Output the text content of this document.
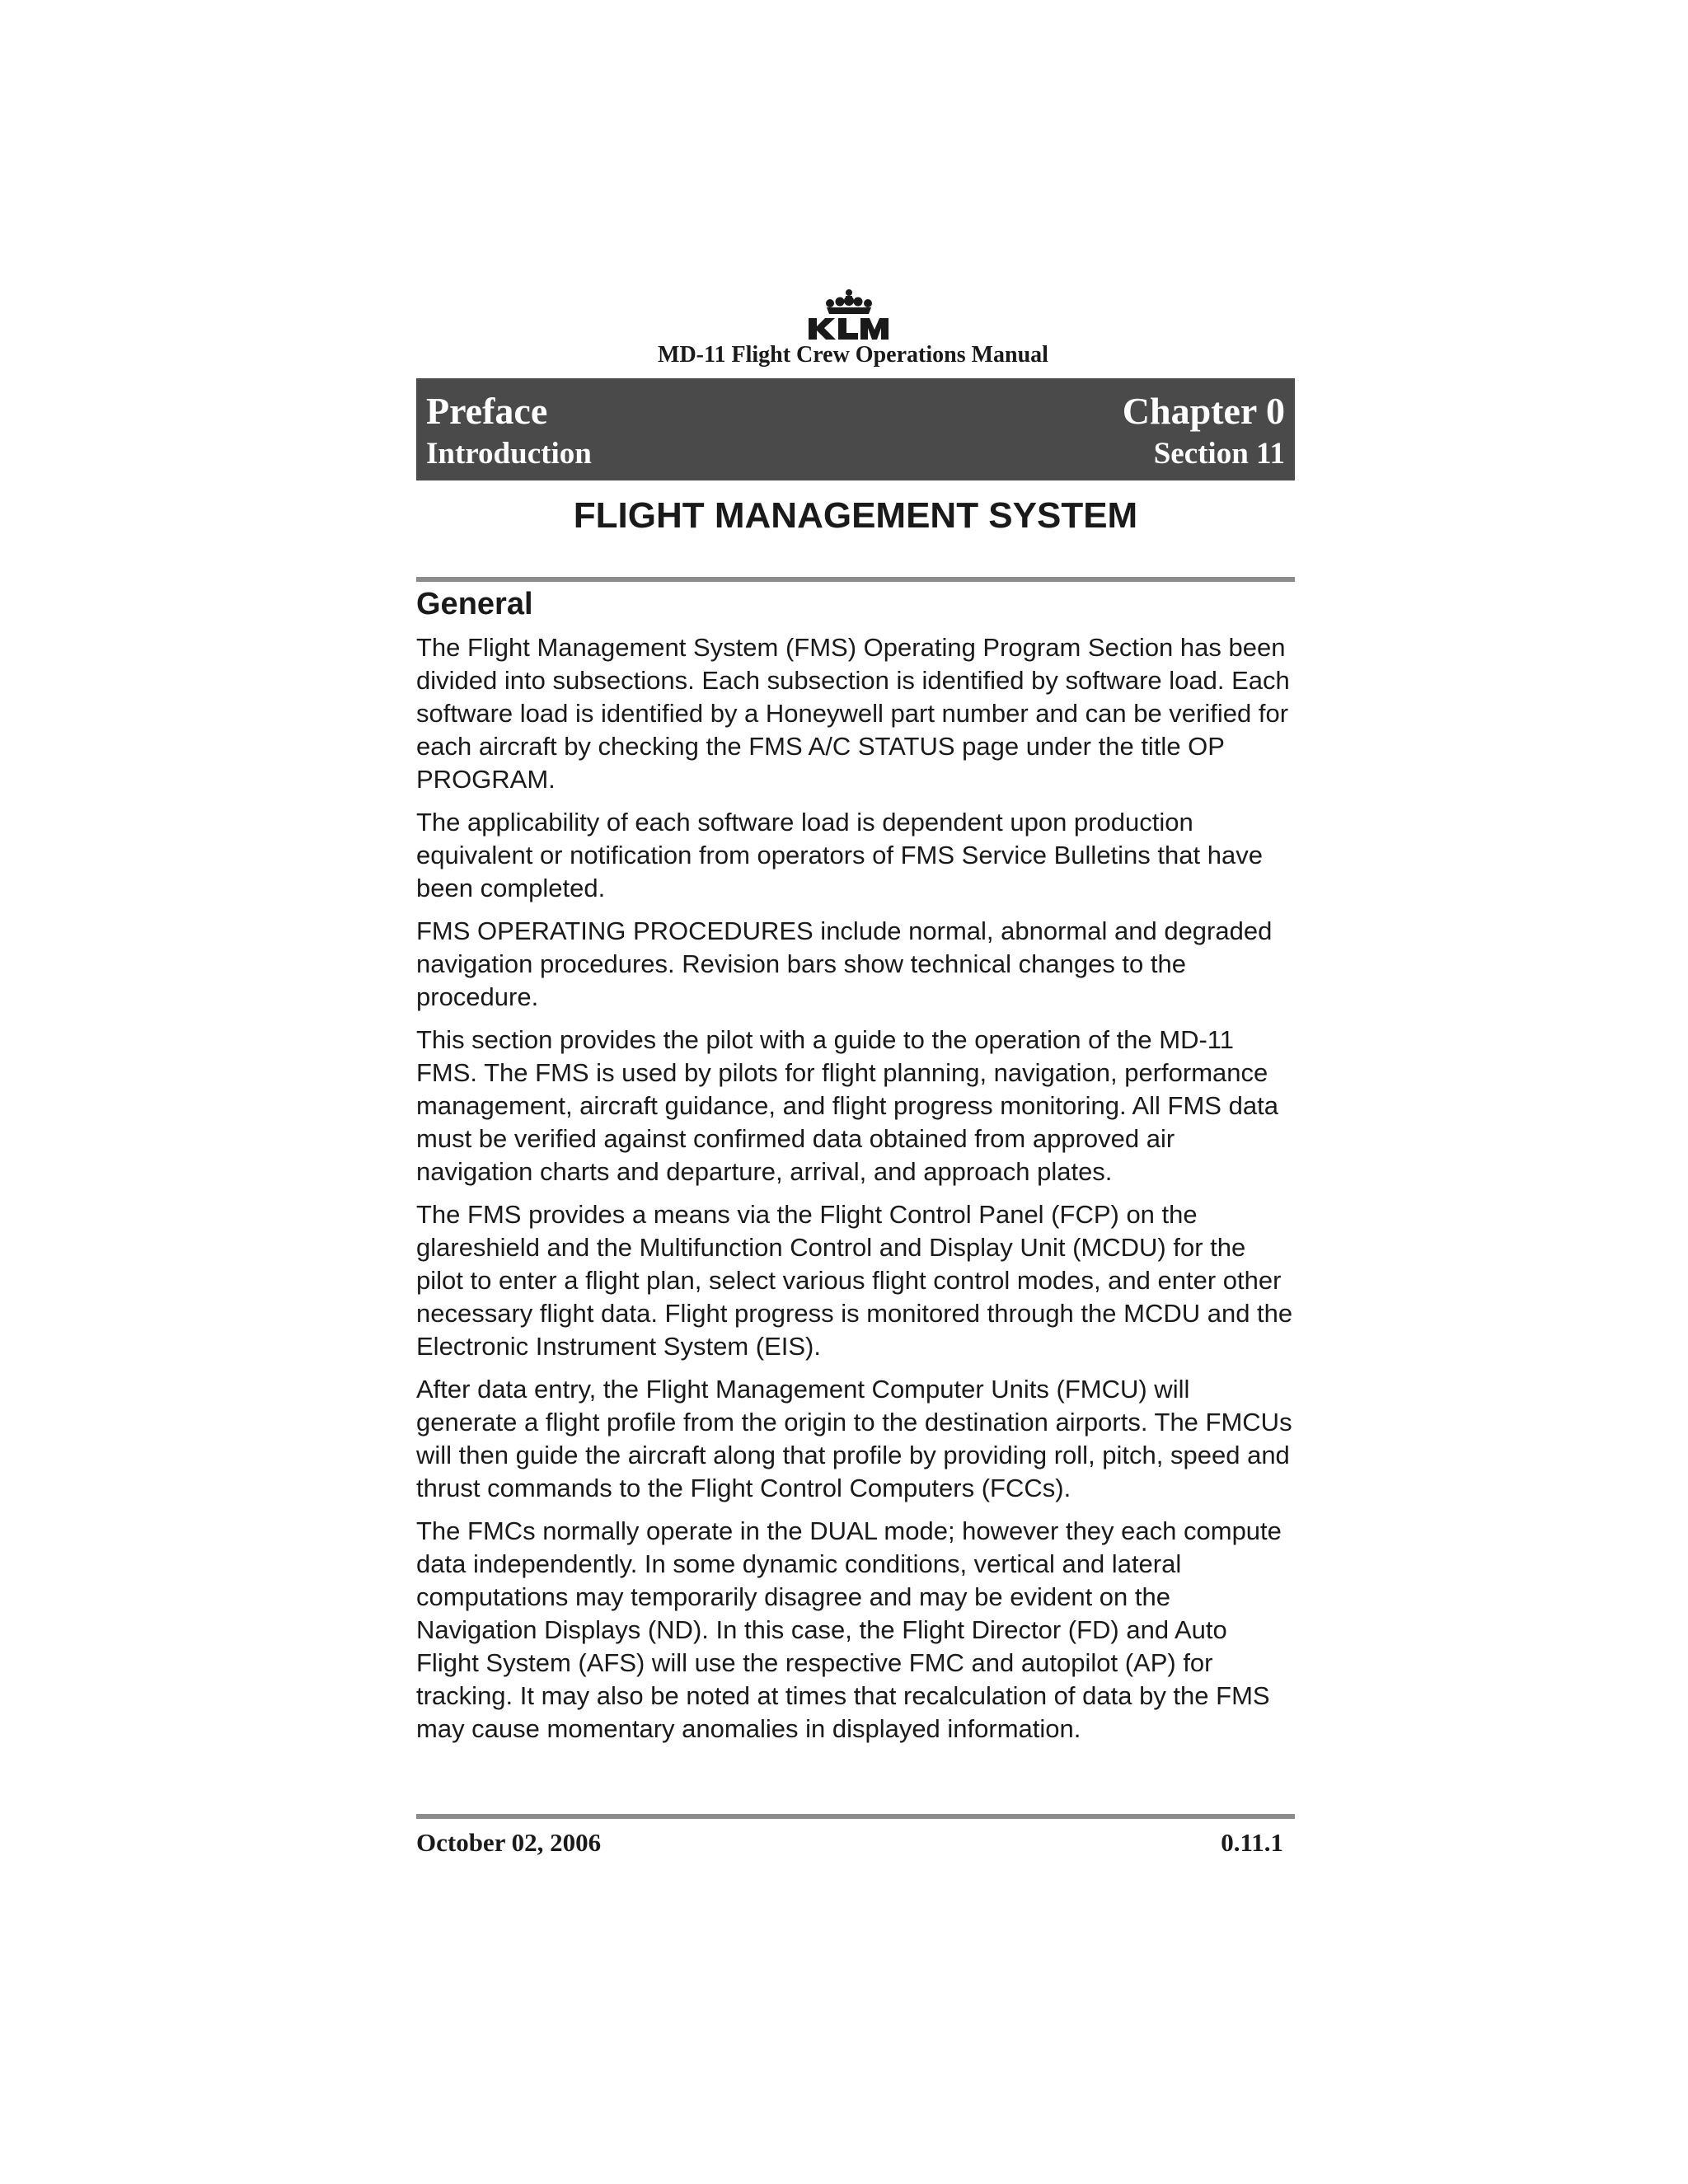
MD-11 Flight Crew Operations Manual
Preface	Chapter 0
Introduction	Section 11
FLIGHT MANAGEMENT SYSTEM
General

The Flight Management System (FMS) Operating Program Section has been divided into subsections. Each subsection is identified by software load. Each software load is identified by a Honeywell part number and can be verified for each aircraft by checking the FMS A/C STATUS page under the title OP PROGRAM.

The applicability of each software load is dependent upon production equivalent or notification from operators of FMS Service Bulletins that have been completed.

FMS OPERATING PROCEDURES include normal, abnormal and degraded navigation procedures. Revision bars show technical changes to the procedure.

This section provides the pilot with a guide to the operation of the MD-11 FMS. The FMS is used by pilots for flight planning, navigation, performance management, aircraft guidance, and flight progress monitoring. All FMS data must be verified against confirmed data obtained from approved air navigation charts and departure, arrival, and approach plates.

The FMS provides a means via the Flight Control Panel (FCP) on the glareshield and the Multifunction Control and Display Unit (MCDU) for the pilot to enter a flight plan, select various flight control modes, and enter other necessary flight data. Flight progress is monitored through the MCDU and the Electronic Instrument System (EIS).

After data entry, the Flight Management Computer Units (FMCU) will generate a flight profile from the origin to the destination airports. The FMCUs will then guide the aircraft along that profile by providing roll, pitch, speed and thrust commands to the Flight Control Computers (FCCs).

The FMCs normally operate in the DUAL mode; however they each compute data independently. In some dynamic conditions, vertical and lateral computations may temporarily disagree and may be evident on the Navigation Displays (ND). In this case, the Flight Director (FD) and Auto Flight System (AFS) will use the respective FMC and autopilot (AP) for tracking. It may also be noted at times that recalculation of data by the FMS may cause momentary anomalies in displayed information.

October 02, 2006	0.11.1
